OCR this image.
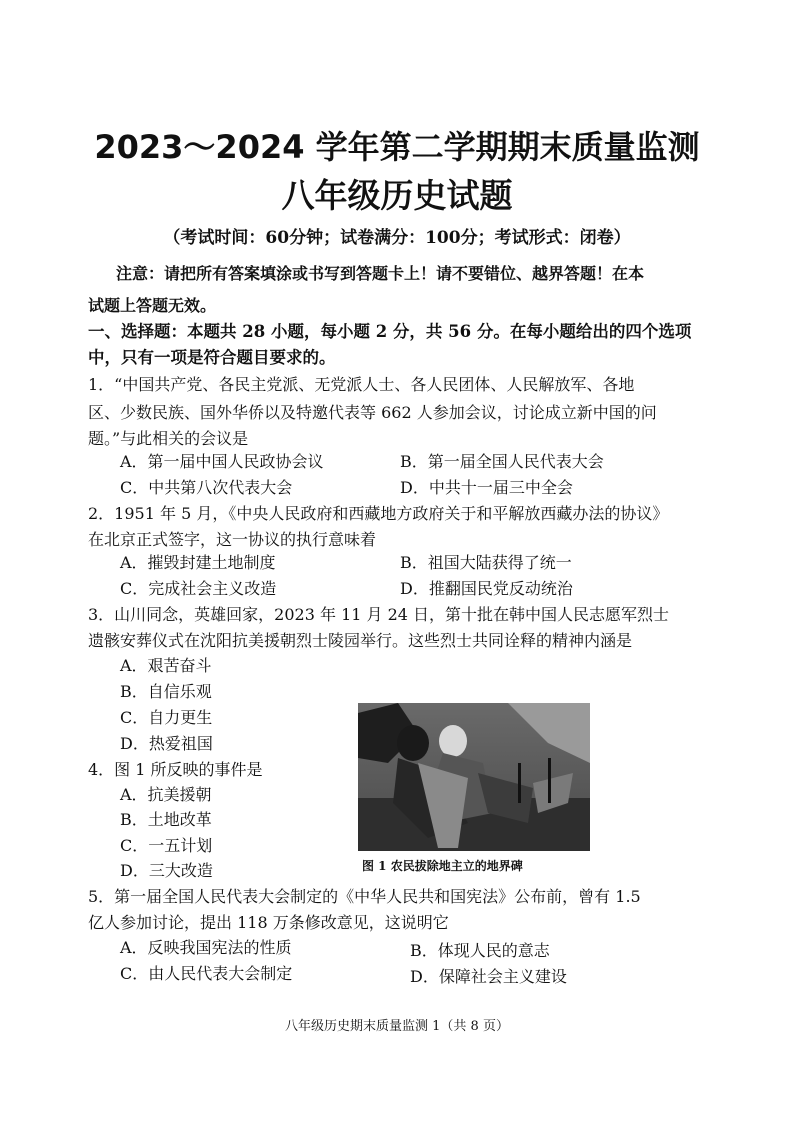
2023～2024 学年第二学期期末质量监测
八年级历史试题
（考试时间：60分钟；试卷满分：100分；考试形式：闭卷）
注意：请把所有答案填涂或书写到答题卡上！请不要错位、越界答题！在本
试题上答题无效。
一、选择题：本题共 28 小题，每小题 2 分，共 56 分。在每小题给出的四个选项
中，只有一项是符合题目要求的。
1．“中国共产党、各民主党派、无党派人士、各人民团体、人民解放军、各地
区、少数民族、国外华侨以及特邀代表等 662 人参加会议，讨论成立新中国的问
题。”与此相关的会议是
A．第一届中国人民政协会议	B．第一届全国人民代表大会
C．中共第八次代表大会	D．中共十一届三中全会
2．1951 年 5 月，《中央人民政府和西藏地方政府关于和平解放西藏办法的协议》
在北京正式签字，这一协议的执行意味着
A．摧毁封建土地制度	B．祖国大陆获得了统一
C．完成社会主义改造	D．推翻国民党反动统治
3．山川同念，英雄回家，2023 年 11 月 24 日，第十批在韩中国人民志愿军烈士
遗骸安葬仪式在沈阳抗美援朝烈士陵园举行。这些烈士共同诠释的精神内涵是
A．艰苦奋斗
B．自信乐观
C．自力更生
D．热爱祖国
4．图 1 所反映的事件是
A．抗美援朝
B．土地改革
C．一五计划
D．三大改造	图 1 农民拔除地主立的地界碑
5．第一届全国人民代表大会制定的《中华人民共和国宪法》公布前，曾有 1.5
亿人参加讨论，提出 118 万条修改意见，这说明它
A．反映我国宪法的性质	B．体现人民的意志
C．由人民代表大会制定	D．保障社会主义建设
八年级历史期末质量监测 1（共 8 页）
